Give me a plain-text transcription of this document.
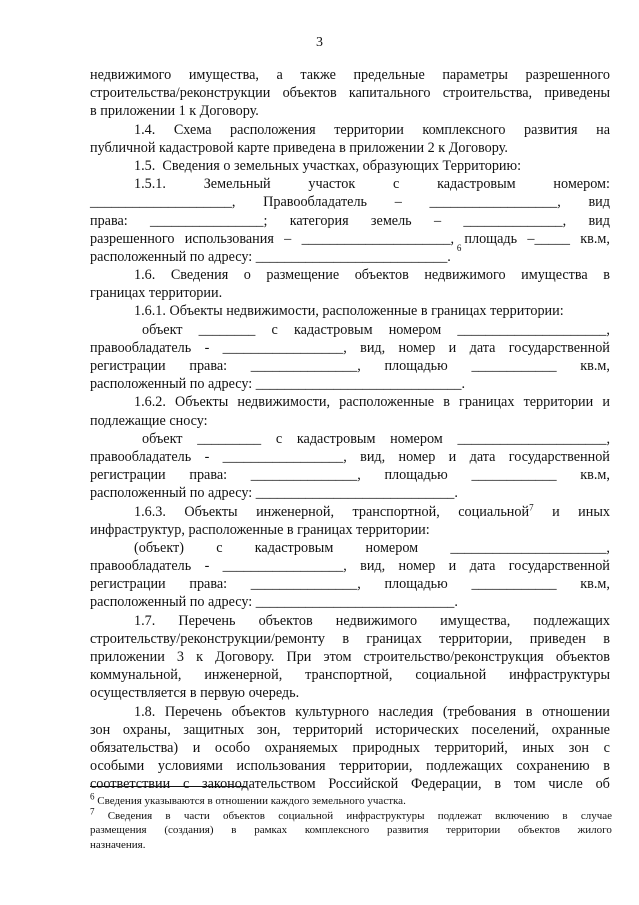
3
недвижимого имущества, а также предельные параметры разрешенного
строительства/реконструкции объектов капитального строительства, приведены
в приложении 1 к Договору.
1.4. Схема расположения территории комплексного развития на
публичной кадастровой карте приведена в приложении 2 к Договору.
1.5.  Сведения о земельных участках, образующих Территорию:
1.5.1.	Земельный	участок	с	кадастровым	номером:
____________________, Правообладатель – __________________, вид
права: ________________; категория земель – ______________, вид
разрешенного использования – _____________________, площадь –_____ кв.м,
расположенный по адресу: ___________________________.
6
1.6. Сведения о размещение объектов недвижимого имущества в
границах территории.
1.6.1. Объекты недвижимости, расположенные в границах территории:
объект ________ с кадастровым номером _____________________,
правообладатель - _________________, вид, номер и дата государственной
регистрации права: _______________, площадью ____________ кв.м,
расположенный по адресу: _____________________________.
1.6.2. Объекты недвижимости, расположенные в границах территории и
подлежащие сносу:
объект _________ с кадастровым номером _____________________,
правообладатель - _________________, вид, номер и дата государственной
регистрации права: _______________, площадью ____________ кв.м,
расположенный по адресу: ____________________________.
1.6.3. Объекты инженерной, транспортной, социальной$^7$ и иных
инфраструктур, расположенные в границах территории:
(объект) с кадастровым номером ______________________,
правообладатель - _________________, вид, номер и дата государственной
регистрации права: _______________, площадью ____________ кв.м,
расположенный по адресу: ____________________________.
1.7. Перечень объектов недвижимого имущества, подлежащих
строительству/реконструкции/ремонту в границах территории, приведен в
приложении 3 к Договору. При этом строительство/реконструкция объектов
коммунальной, инженерной, транспортной, социальной инфраструктуры
осуществляется в первую очередь.
1.8. Перечень объектов культурного наследия (требования в отношении
зон охраны, защитных зон, территорий исторических поселений, охранные
обязательства) и особо охраняемых природных территорий, иных зон с
особыми условиями использования территории, подлежащих сохранению в
соответствии с законодательством Российской Федерации, в том числе об
$^6$ Сведения указываются в отношении каждого земельного участка.
$^7$ Сведения в части объектов социальной инфраструктуры подлежат включению в случае
размещения (создания) в рамках комплексного развития территории объектов жилого
назначения.
